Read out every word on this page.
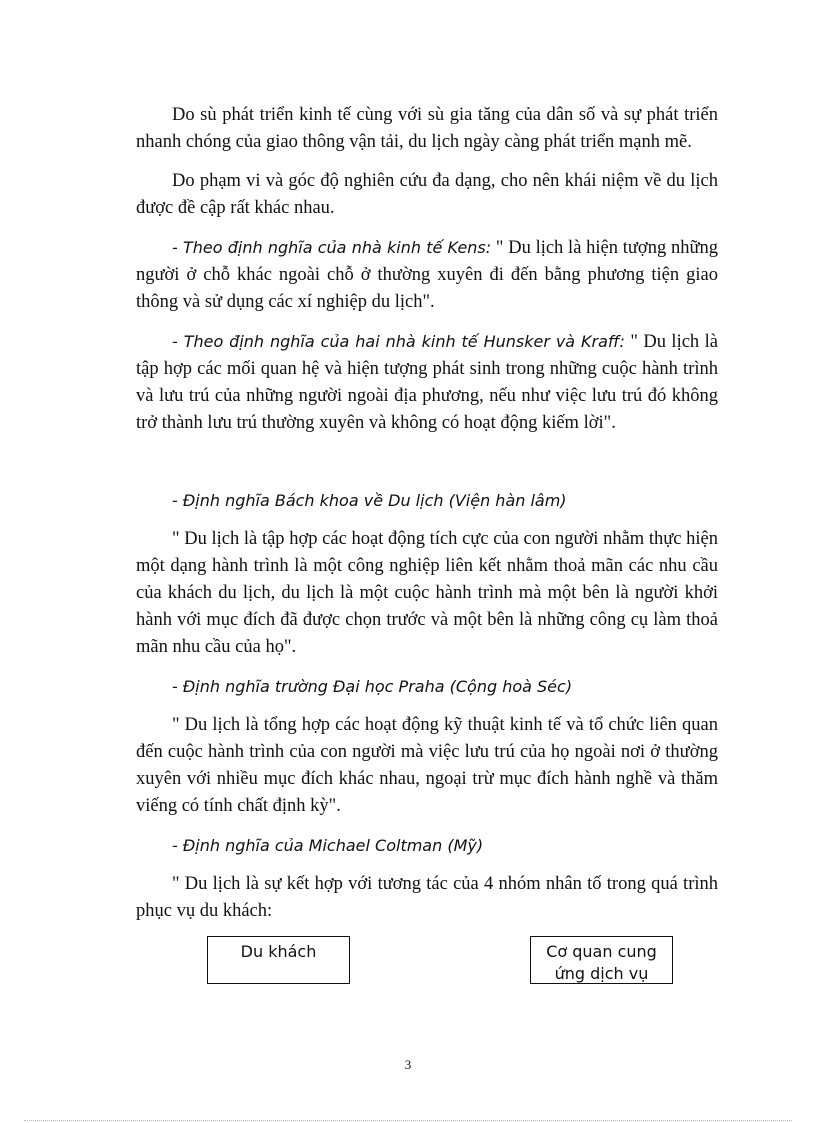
Do sù phát triển kinh tế cùng với sù gia tăng của dân số và sự phát triển nhanh chóng của giao thông vận tải, du lịch ngày càng phát triển mạnh mẽ.

Do phạm vi và góc độ nghiên cứu đa dạng, cho nên khái niệm về du lịch được đề cập rất khác nhau.

- Theo định nghĩa của nhà kinh tế Kens: " Du lịch là hiện tượng những người ở chỗ khác ngoài chỗ ở thường xuyên đi đến bằng phương tiện giao thông và sử dụng các xí nghiệp du lịch".

- Theo định nghĩa của hai nhà kinh tế Hunsker và Kraff: " Du lịch là tập hợp các mối quan hệ và hiện tượng phát sinh trong những cuộc hành trình và lưu trú của những người ngoài địa phương, nếu như việc lưu trú đó không trở thành lưu trú thường xuyên và không có hoạt động kiếm lời".

- Định nghĩa Bách khoa về Du lịch (Viện hàn lâm)

" Du lịch là tập hợp các hoạt động tích cực của con người nhằm thực hiện một dạng hành trình là một công nghiệp liên kết nhằm thoả mãn các nhu cầu của khách du lịch, du lịch là một cuộc hành trình mà một bên là người khởi hành với mục đích đã được chọn trước và một bên là những công cụ làm thoả mãn nhu cầu của họ".

- Định nghĩa trường Đại học Praha (Cộng hoà Séc)

" Du lịch là tổng hợp các hoạt động kỹ thuật kinh tế và tổ chức liên quan đến cuộc hành trình của con người mà việc lưu trú của họ ngoài nơi ở thường xuyên với nhiều mục đích khác nhau, ngoại trừ mục đích hành nghề và thăm viếng có tính chất định kỳ".

- Định nghĩa của Michael Coltman (Mỹ)

" Du lịch là sự kết hợp với tương tác của 4 nhóm nhân tố trong quá trình phục vụ du khách:

Du khách	Cơ quan cung ứng dịch vụ
3
